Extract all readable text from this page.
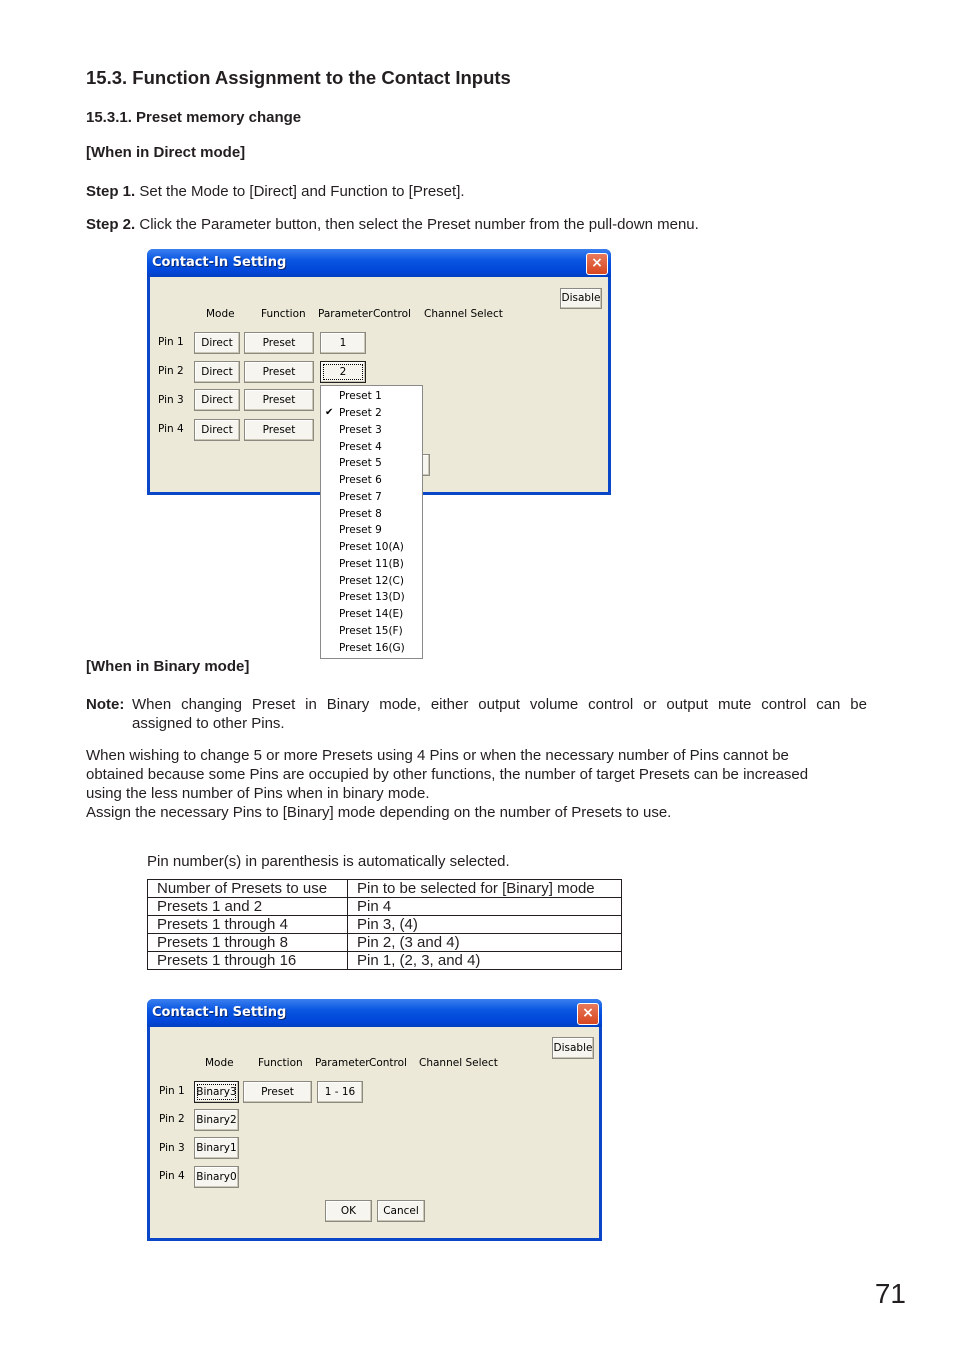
15.3. Function Assignment to the Contact Inputs
15.3.1. Preset memory change
[When in Direct mode]
Step 1. Set the Mode to [Direct] and Function to [Preset].
Step 2. Click the Parameter button, then select the Preset number from the pull-down menu.
Contact-In Setting	×
Disable
Mode	Function Parameter Control Channel Select
Pin 1	Direct	Preset	1
Pin 2	Direct	Preset	2
Pin 3	Direct	Preset
Pin 4	Direct	Preset
✔
Preset 1
Preset 2
Preset 3
Preset 4
Preset 5
Preset 6
Preset 7
Preset 8
Preset 9
Preset 10(A)
Preset 11(B)
Preset 12(C)
Preset 13(D)
Preset 14(E)
Preset 15(F)
Preset 16(G)
[When in Binary mode]
Note: When changing Preset in Binary mode, either output volume control or output mute control can be
assigned to other Pins.
When wishing to change 5 or more Presets using 4 Pins or when the necessary number of Pins cannot be
obtained because some Pins are occupied by other functions, the number of target Presets can be increased
using the less number of Pins when in binary mode.
Assign the necessary Pins to [Binary] mode depending on the number of Presets to use.
Pin number(s) in parenthesis is automatically selected.
Number of Presets to use	Pin to be selected for [Binary] mode
Presets 1 and 2	Pin 4
Presets 1 through 4	Pin 3, (4)
Presets 1 through 8	Pin 2, (3 and 4)
Presets 1 through 16	Pin 1, (2, 3, and 4)
Contact-In Setting	×
Disable
Mode Function Parameter Control Channel Select
Pin 1 Binary3	Preset	1 - 16
Pin 2 Binary2
Pin 3 Binary1
Pin 4 Binary0
OK	Cancel
71
